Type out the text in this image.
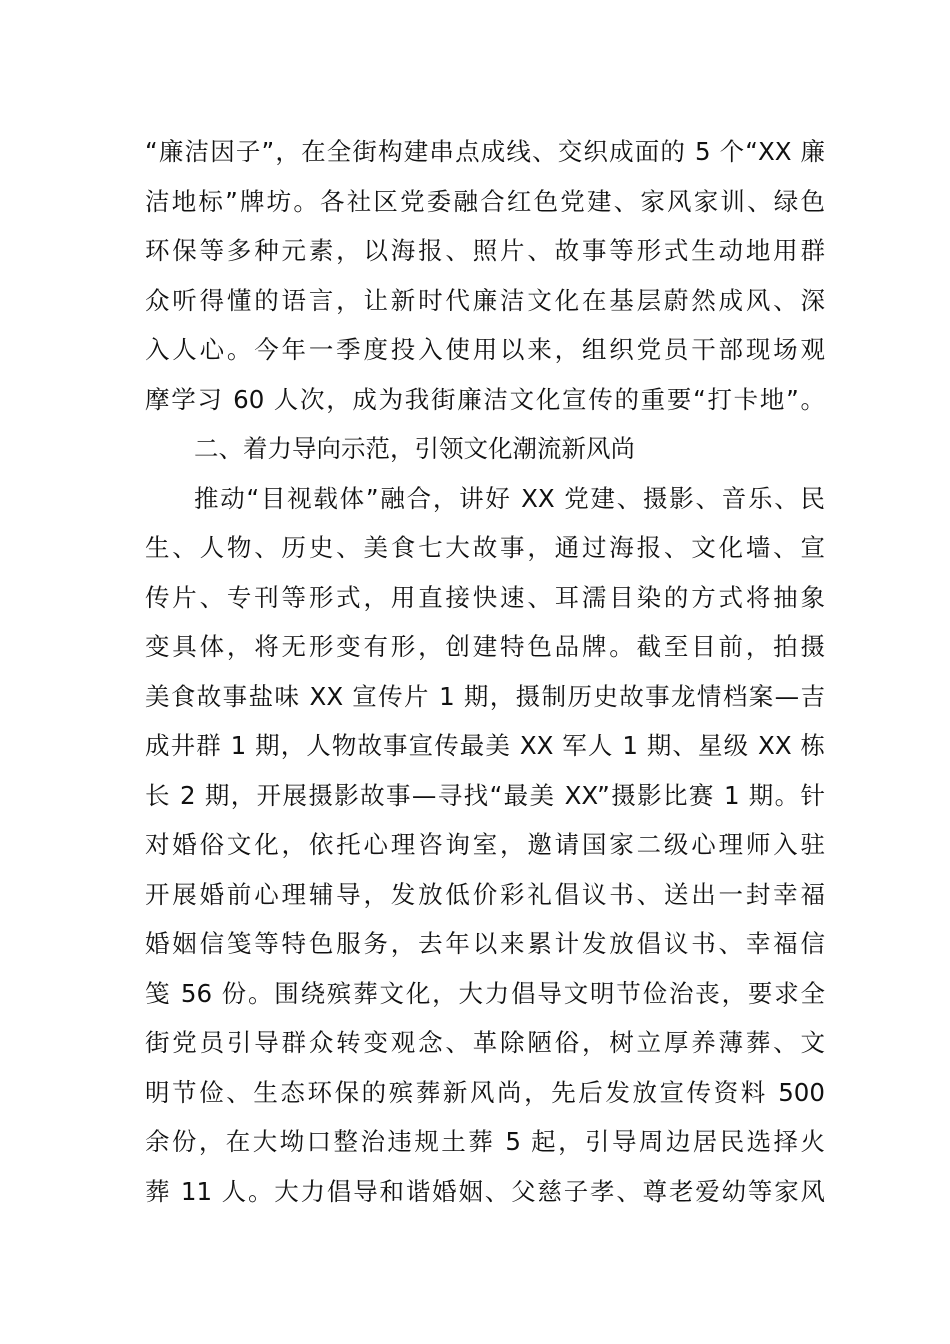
“廉洁因子”，在全街构建串点成线、交织成面的 5 个“XX 廉
洁地标”牌坊。各社区党委融合红色党建、家风家训、绿色
环保等多种元素，以海报、照片、故事等形式生动地用群
众听得懂的语言，让新时代廉洁文化在基层蔚然成风、深
入人心。今年一季度投入使用以来，组织党员干部现场观
摩学习 60 人次，成为我街廉洁文化宣传的重要“打卡地”。
二、着力导向示范，引领文化潮流新风尚
推动“目视载体”融合，讲好 XX 党建、摄影、音乐、民
生、人物、历史、美食七大故事，通过海报、文化墙、宣
传片、专刊等形式，用直接快速、耳濡目染的方式将抽象
变具体，将无形变有形，创建特色品牌。截至目前，拍摄
美食故事盐味 XX 宣传片 1 期，摄制历史故事龙情档案—吉
成井群 1 期，人物故事宣传最美 XX 军人 1 期、星级 XX 栋
长 2 期，开展摄影故事—寻找“最美 XX”摄影比赛 1 期。针
对婚俗文化，依托心理咨询室，邀请国家二级心理师入驻
开展婚前心理辅导，发放低价彩礼倡议书、送出一封幸福
婚姻信笺等特色服务，去年以来累计发放倡议书、幸福信
笺 56 份。围绕殡葬文化，大力倡导文明节俭治丧，要求全
街党员引导群众转变观念、革除陋俗，树立厚养薄葬、文
明节俭、生态环保的殡葬新风尚，先后发放宣传资料 500
余份，在大坳口整治违规土葬 5 起，引导周边居民选择火
葬 11 人。大力倡导和谐婚姻、父慈子孝、尊老爱幼等家风
